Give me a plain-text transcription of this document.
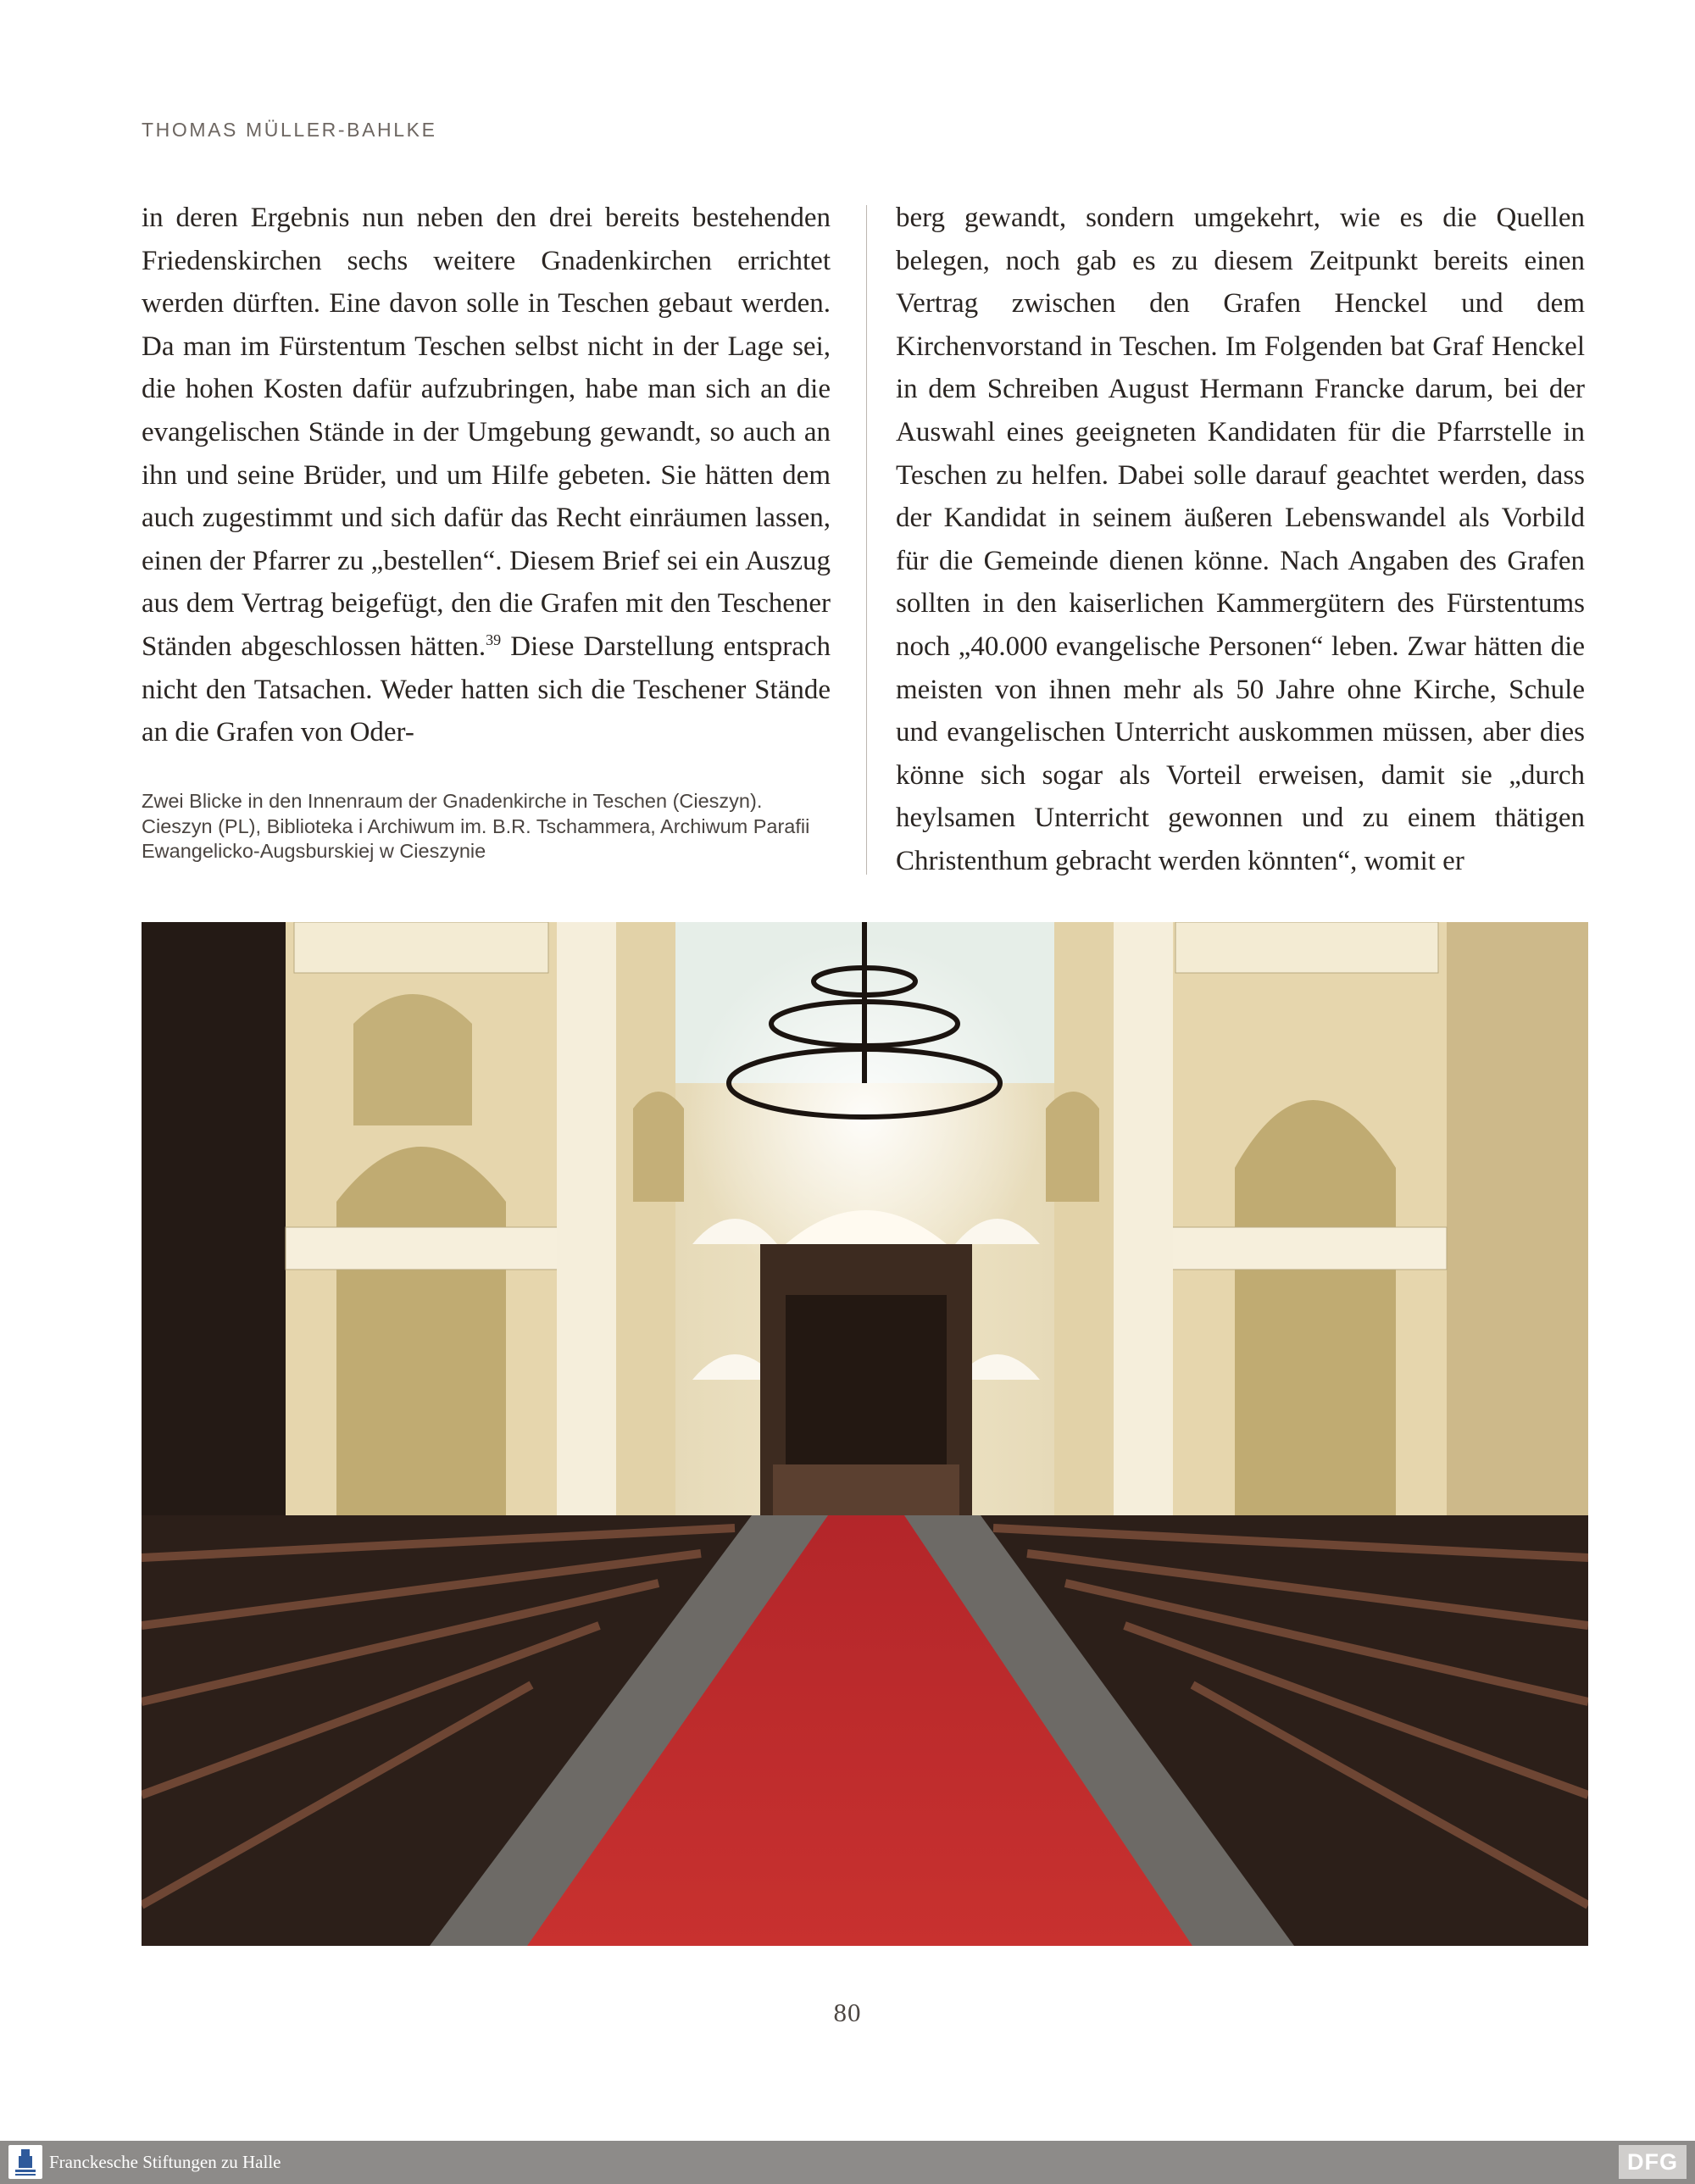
THOMAS MÜLLER-BAHLKE

in deren Ergebnis nun neben den drei bereits bestehenden Friedenskirchen sechs weitere Gnadenkirchen errichtet werden dürften. Eine davon solle in Teschen gebaut werden. Da man im Fürstentum Teschen selbst nicht in der Lage sei, die hohen Kosten dafür aufzubringen, habe man sich an die evangelischen Stände in der Umgebung gewandt, so auch an ihn und seine Brüder, und um Hilfe gebeten. Sie hätten dem auch zugestimmt und sich dafür das Recht einräumen lassen, einen der Pfarrer zu „bestellen“. Diesem Brief sei ein Auszug aus dem Vertrag beigefügt, den die Grafen mit den Teschener Ständen abgeschlossen hätten.$^{39}$ Diese Darstellung entsprach nicht den Tatsachen. Weder hatten sich die Teschener Stände an die Grafen von Oder-

berg gewandt, sondern umgekehrt, wie es die Quellen belegen, noch gab es zu diesem Zeitpunkt bereits einen Vertrag zwischen den Grafen Henckel und dem Kirchenvorstand in Teschen. Im Folgenden bat Graf Henckel in dem Schreiben August Hermann Francke darum, bei der Auswahl eines geeigneten Kandidaten für die Pfarrstelle in Teschen zu helfen. Dabei solle darauf geachtet werden, dass der Kandidat in seinem äußeren Lebenswandel als Vorbild für die Gemeinde dienen könne. Nach Angaben des Grafen sollten in den kaiserlichen Kammergütern des Fürstentums noch „40.000 evangelische Personen“ leben. Zwar hätten die meisten von ihnen mehr als 50 Jahre ohne Kirche, Schule und evangelischen Unterricht auskommen müssen, aber dies könne sich sogar als Vorteil erweisen, damit sie „durch heylsamen Unterricht gewonnen und zu einem thätigen Christenthum gebracht werden könnten“, womit er

Zwei Blicke in den Innenraum der Gnadenkirche in Teschen (Cieszyn). Cieszyn (PL), Biblioteka i Archiwum im. B.R. Tschammera, Archiwum Parafii Ewangelicko-Augsburskiej w Cieszynie
80
Franckesche Stiftungen zu Halle	DFG
